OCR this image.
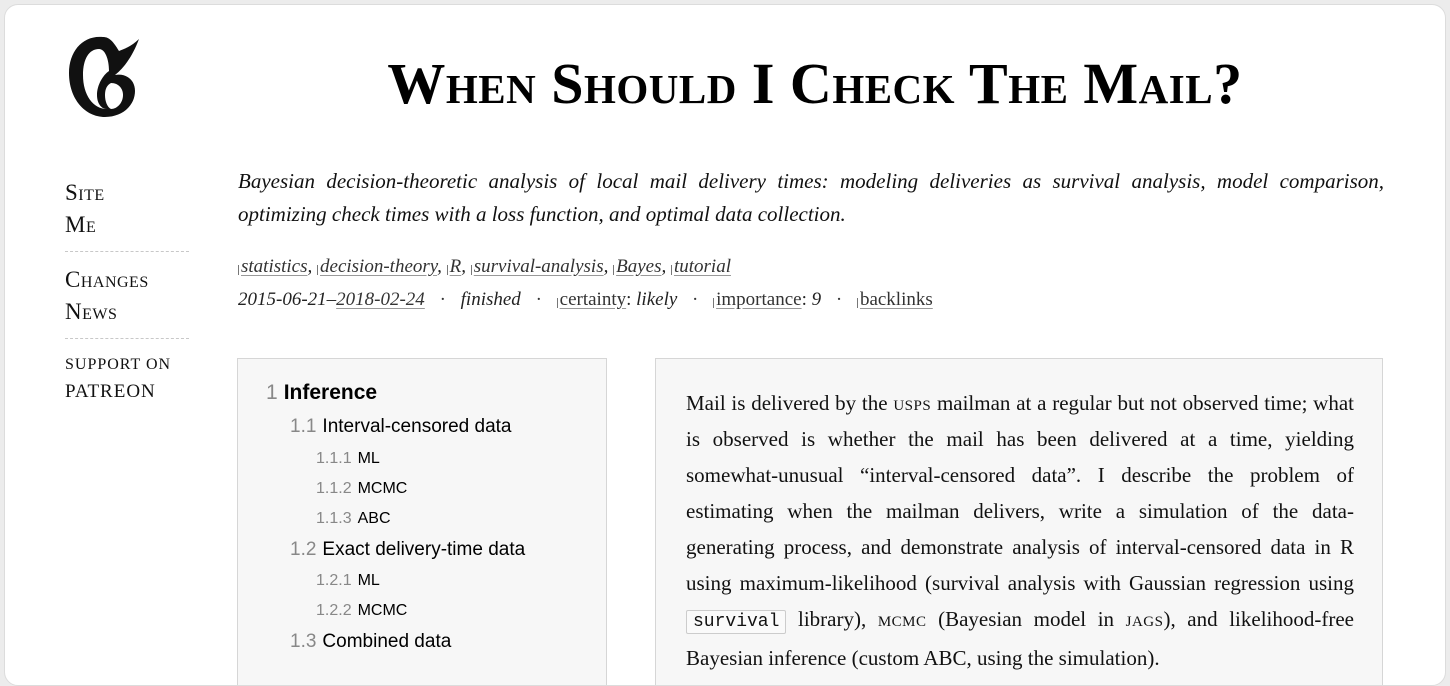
When Should I Check The Mail?
Site
Me
Changes
News
SUPPORT ON
PATREON
Bayesian decision-theoretic analysis of local mail delivery times: modeling deliveries as survival analysis, model comparison, optimizing check times with a loss function, and optimal data collection.
statistics, decision-theory, R, survival-analysis, Bayes, tutorial
2015-06-21–2018-02-24 · finished · certainty: likely · importance: 9 · backlinks
1 Inference
1.1 Interval-censored data
1.1.1 ML
1.1.2 MCMC
1.1.3 ABC
1.2 Exact delivery-time data
1.2.1 ML
1.2.2 MCMC
1.3 Combined data
Mail is delivered by the usps mailman at a regular but not observed time; what is observed is whether the mail has been delivered at a time, yielding somewhat-unusual “interval-censored data”. I describe the problem of estimating when the mailman delivers, write a simulation of the data-generating process, and demonstrate analysis of interval-censored data in R using maximum-likelihood (survival analysis with Gaussian regression using survival library), mcmc (Bayesian model in jags), and likelihood-free Bayesian inference (custom ABC, using the simulation).
